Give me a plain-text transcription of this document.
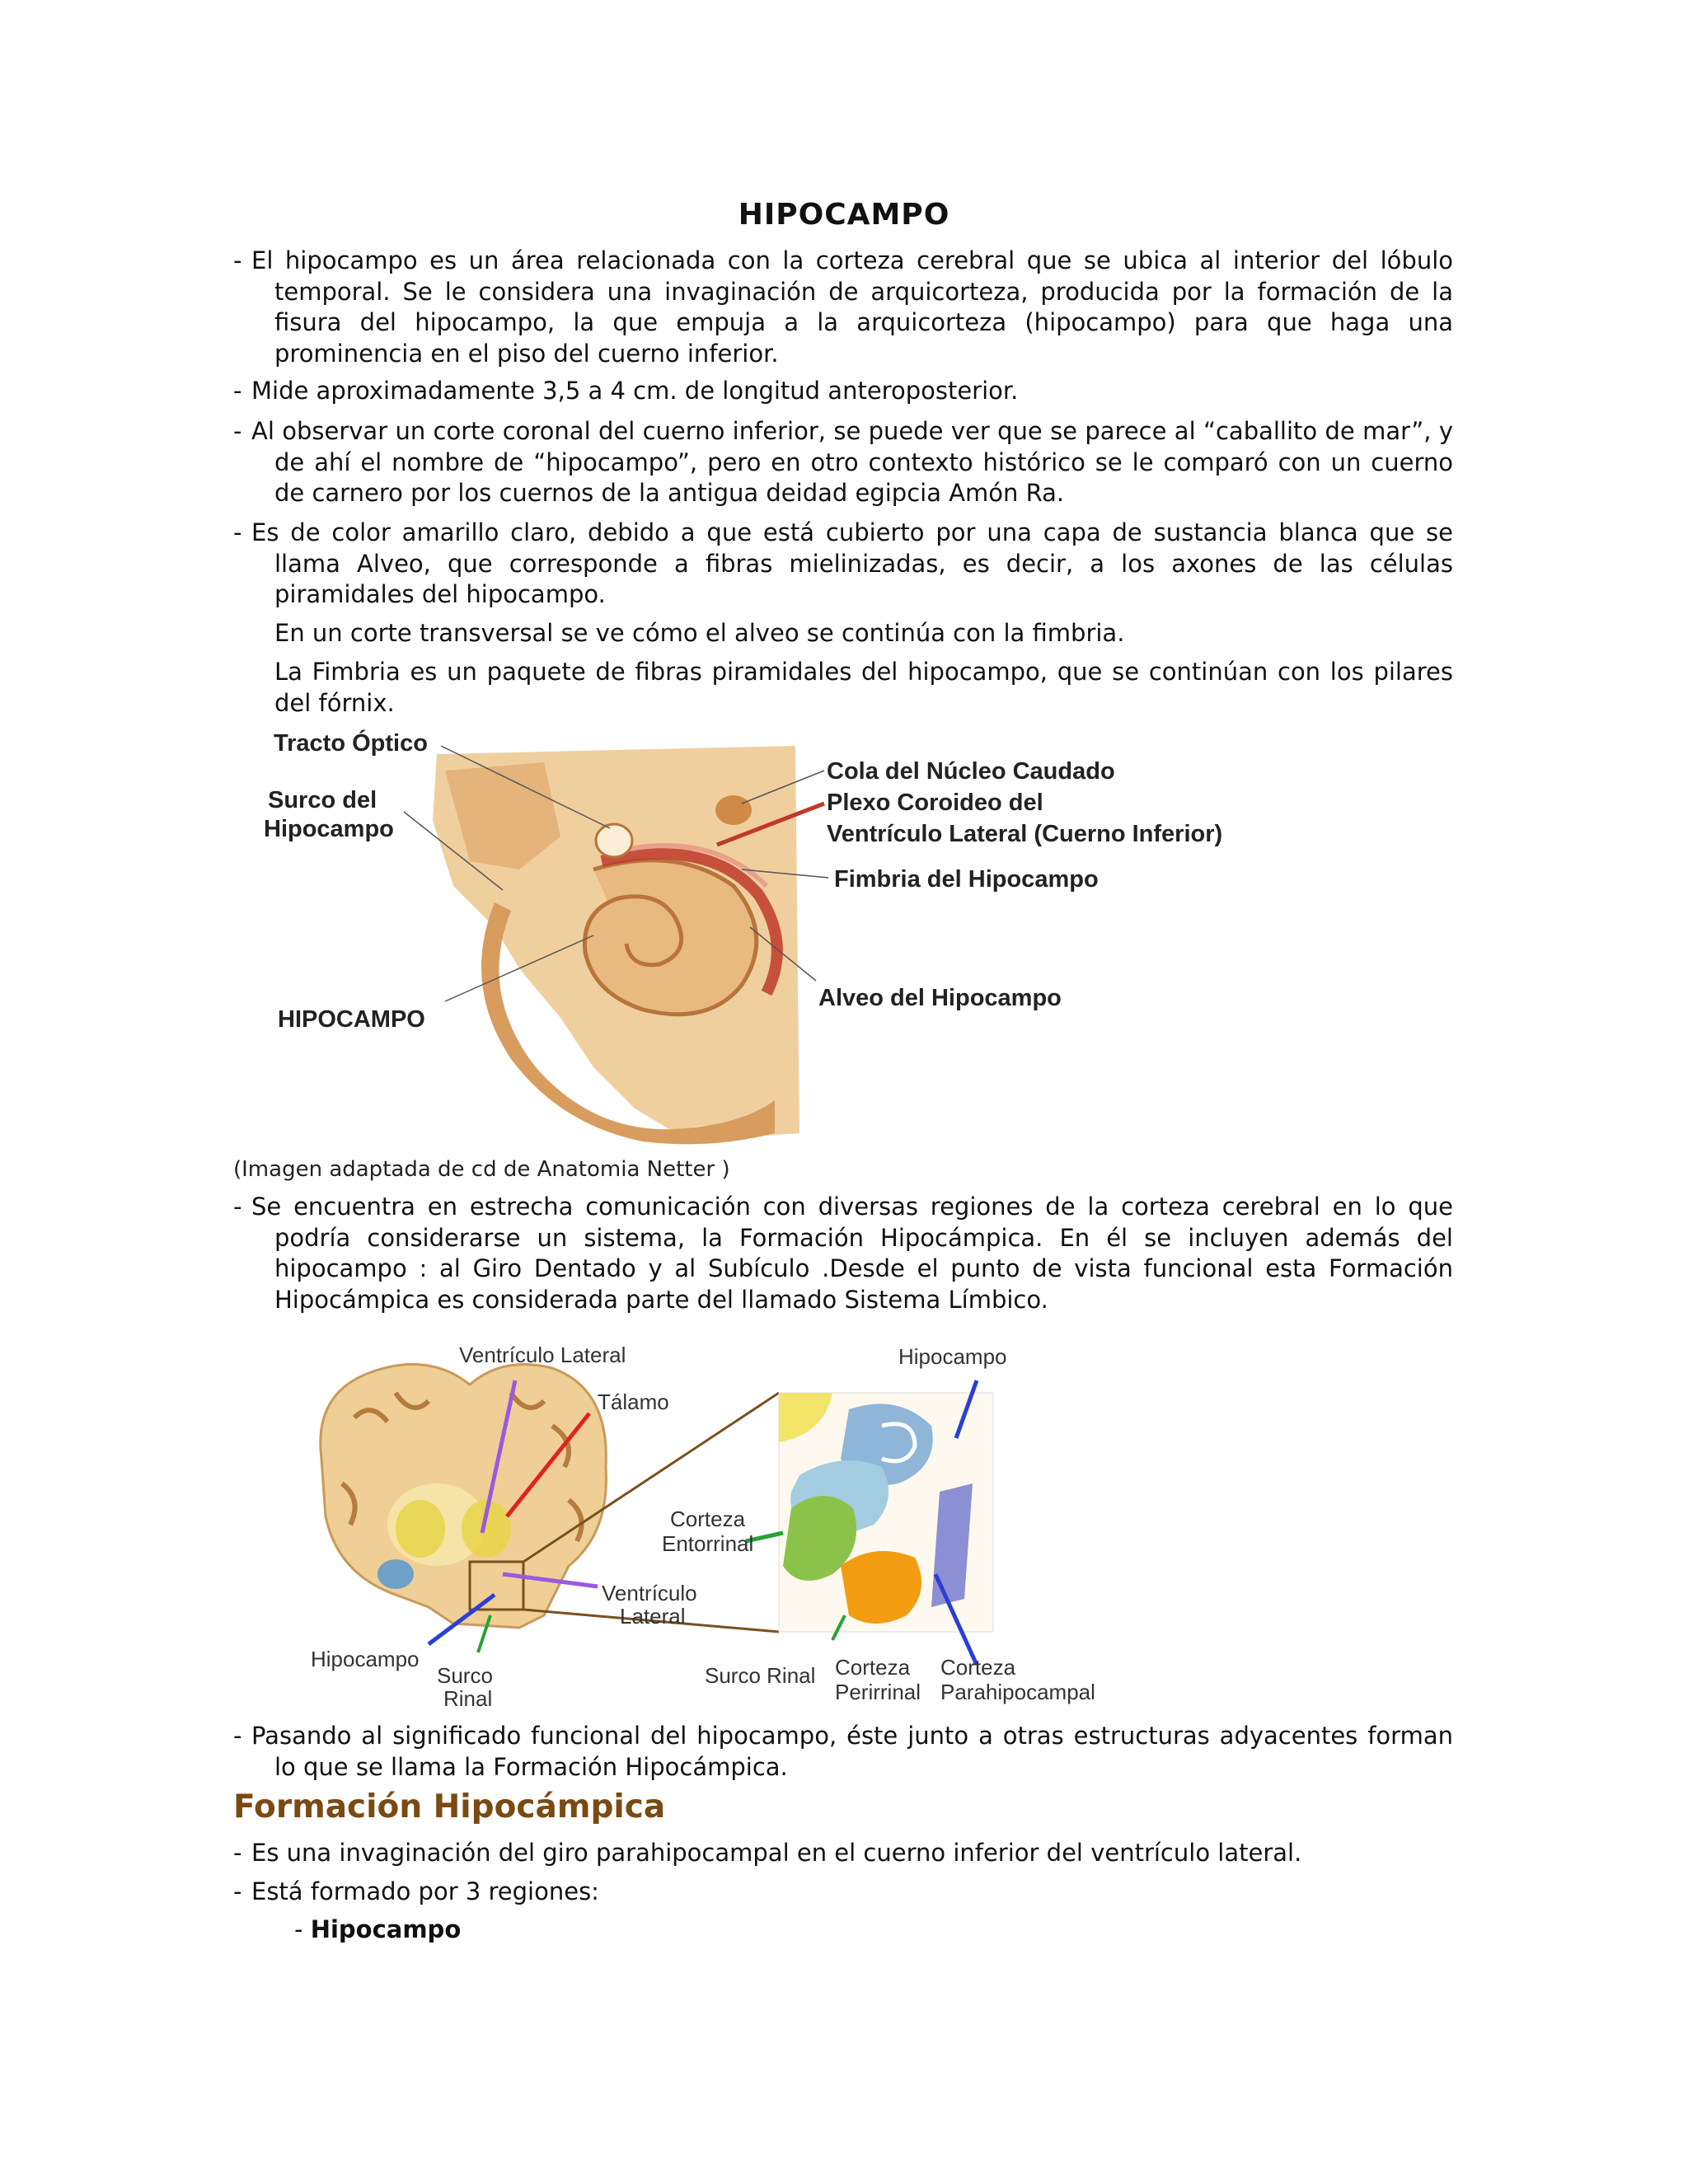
HIPOCAMPO
- El hipocampo es un área relacionada con la corteza cerebral que se ubica al interior del lóbulo temporal. Se le considera una invaginación de arquicorteza, producida por la formación de la fisura del hipocampo, la que empuja a la arquicorteza (hipocampo) para que haga una prominencia en el piso del cuerno inferior.
- Mide aproximadamente 3,5 a 4 cm. de longitud anteroposterior.
- Al observar un corte coronal del cuerno inferior, se puede ver que se parece al “caballito de mar”, y de ahí el nombre de “hipocampo”, pero en otro contexto histórico se le comparó con un cuerno de carnero por los cuernos de la antigua deidad egipcia Amón Ra.
- Es de color amarillo claro, debido a que está cubierto por una capa de sustancia blanca que se llama Alveo, que corresponde a fibras mielinizadas, es decir, a los axones de las células piramidales del hipocampo.
En un corte transversal se ve cómo el alveo se continúa con la fimbria.
La Fimbria es un paquete de fibras piramidales del hipocampo, que se continúan con los pilares del fórnix.
Tracto Óptico
Surco del
Hipocampo
Cola del Núcleo Caudado
Plexo Coroideo del
Ventrículo Lateral (Cuerno Inferior)
Fimbria del Hipocampo
Alveo del Hipocampo
HIPOCAMPO
(Imagen adaptada de cd de Anatomia Netter )
- Se encuentra en estrecha comunicación con diversas regiones de la corteza cerebral en lo que podría considerarse un sistema, la Formación Hipocámpica. En él se incluyen además del hipocampo : al Giro Dentado y al Subículo .Desde el punto de vista funcional esta Formación Hipocámpica es considerada parte del llamado Sistema Límbico.
Ventrículo Lateral
Tálamo
Hipocampo
Corteza
Entorrinal
Ventrículo
Lateral
Hipocampo
Surco
Rinal
Surco Rinal Corteza
Perirrinal
Corteza
Parahipocampal
- Pasando al significado funcional del hipocampo, éste junto a otras estructuras adyacentes forman lo que se llama la Formación Hipocámpica.
Formación Hipocámpica
- Es una invaginación del giro parahipocampal en el cuerno inferior del ventrículo lateral.
- Está formado por 3 regiones:
- Hipocampo
